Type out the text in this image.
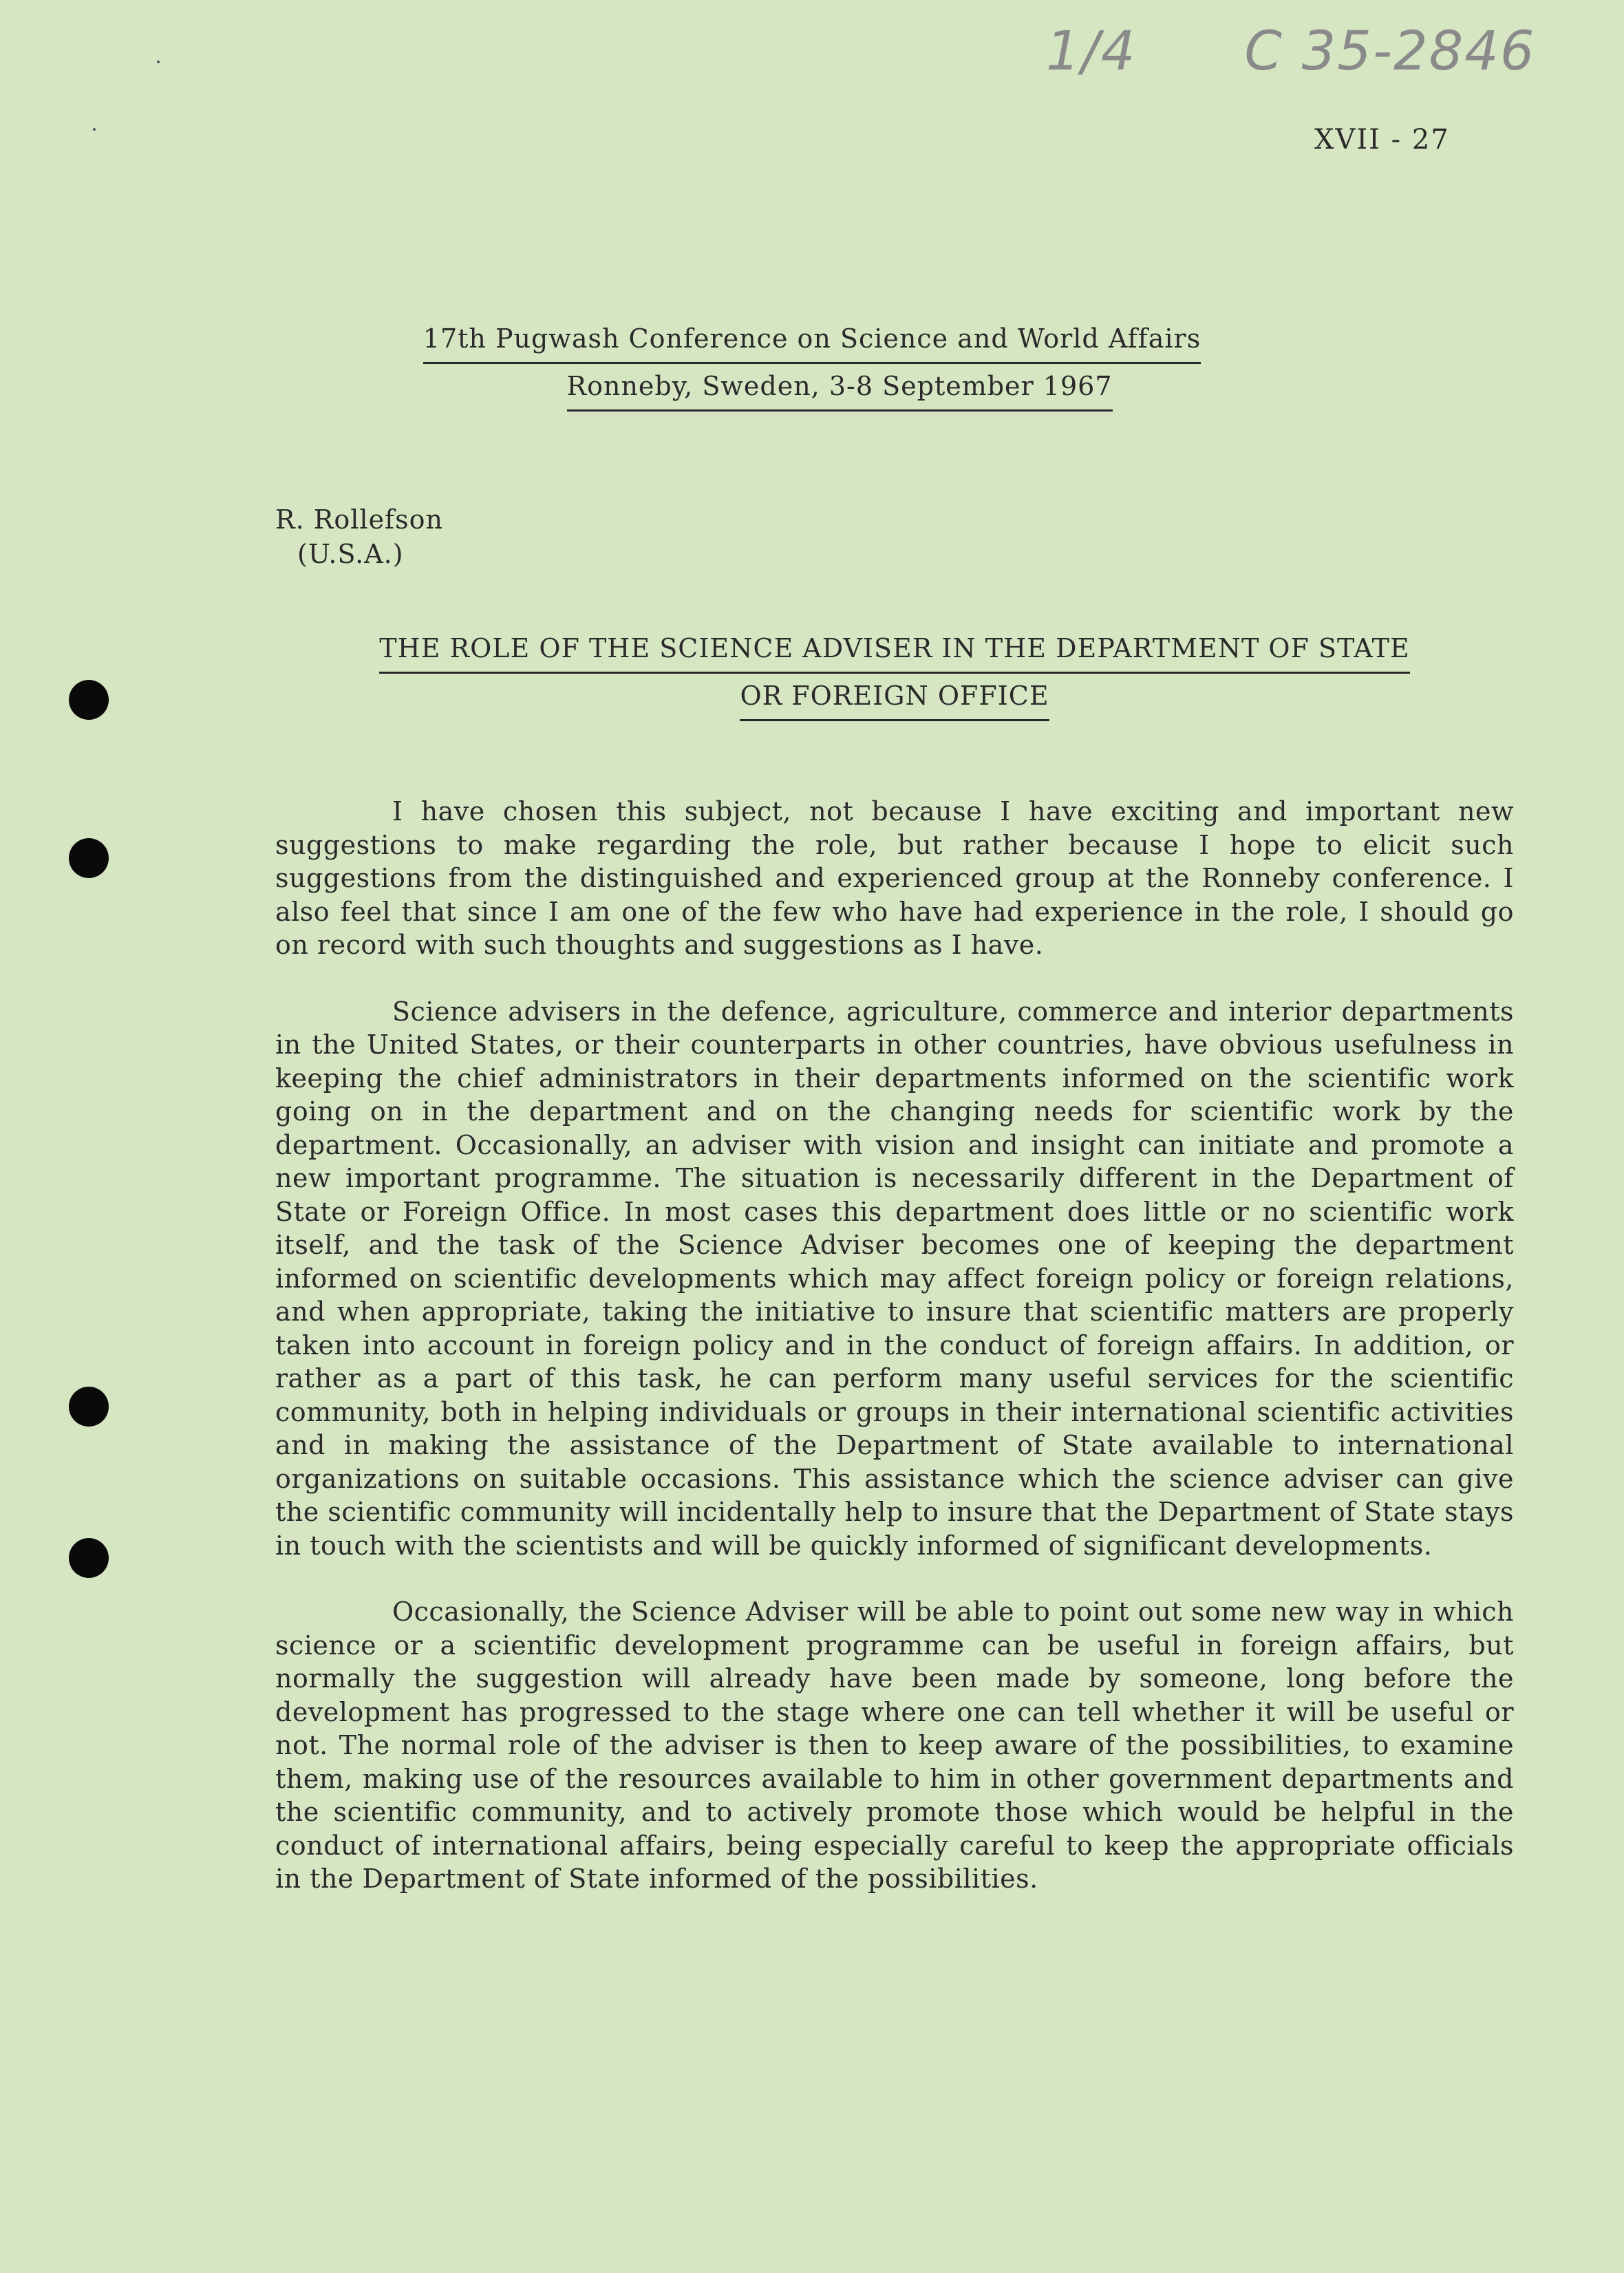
1/4 C 35-2846
XVII - 27
17th Pugwash Conference on Science and World Affairs
Ronneby, Sweden, 3-8 September 1967
R. Rollefson
(U.S.A.)
THE ROLE OF THE SCIENCE ADVISER IN THE DEPARTMENT OF STATE
OR FOREIGN OFFICE

I have chosen this subject, not because I have exciting and important new suggestions to make regarding the role, but rather because I hope to elicit such suggestions from the distinguished and experienced group at the Ronneby conference. I also feel that since I am one of the few who have had experience in the role, I should go on record with such thoughts and suggestions as I have.

Science advisers in the defence, agriculture, commerce and interior departments in the United States, or their counterparts in other countries, have obvious usefulness in keeping the chief administrators in their departments informed on the scientific work going on in the department and on the changing needs for scientific work by the department. Occasionally, an adviser with vision and insight can initiate and promote a new important programme. The situation is necessarily different in the Department of State or Foreign Office. In most cases this department does little or no scientific work itself, and the task of the Science Adviser becomes one of keeping the department informed on scientific developments which may affect foreign policy or foreign relations, and when appropriate, taking the initiative to insure that scientific matters are properly taken into account in foreign policy and in the conduct of foreign affairs. In addition, or rather as a part of this task, he can perform many useful services for the scientific community, both in helping individuals or groups in their international scientific activities and in making the assistance of the Department of State available to international organizations on suitable occasions. This assistance which the science adviser can give the scientific community will incidentally help to insure that the Department of State stays in touch with the scientists and will be quickly informed of significant developments.

Occasionally, the Science Adviser will be able to point out some new way in which science or a scientific development programme can be useful in foreign affairs, but normally the suggestion will already have been made by someone, long before the development has progressed to the stage where one can tell whether it will be useful or not. The normal role of the adviser is then to keep aware of the possibilities, to examine them, making use of the resources available to him in other government departments and the scientific community, and to actively promote those which would be helpful in the conduct of international affairs, being especially careful to keep the appropriate officials in the Department of State informed of the possibilities.
